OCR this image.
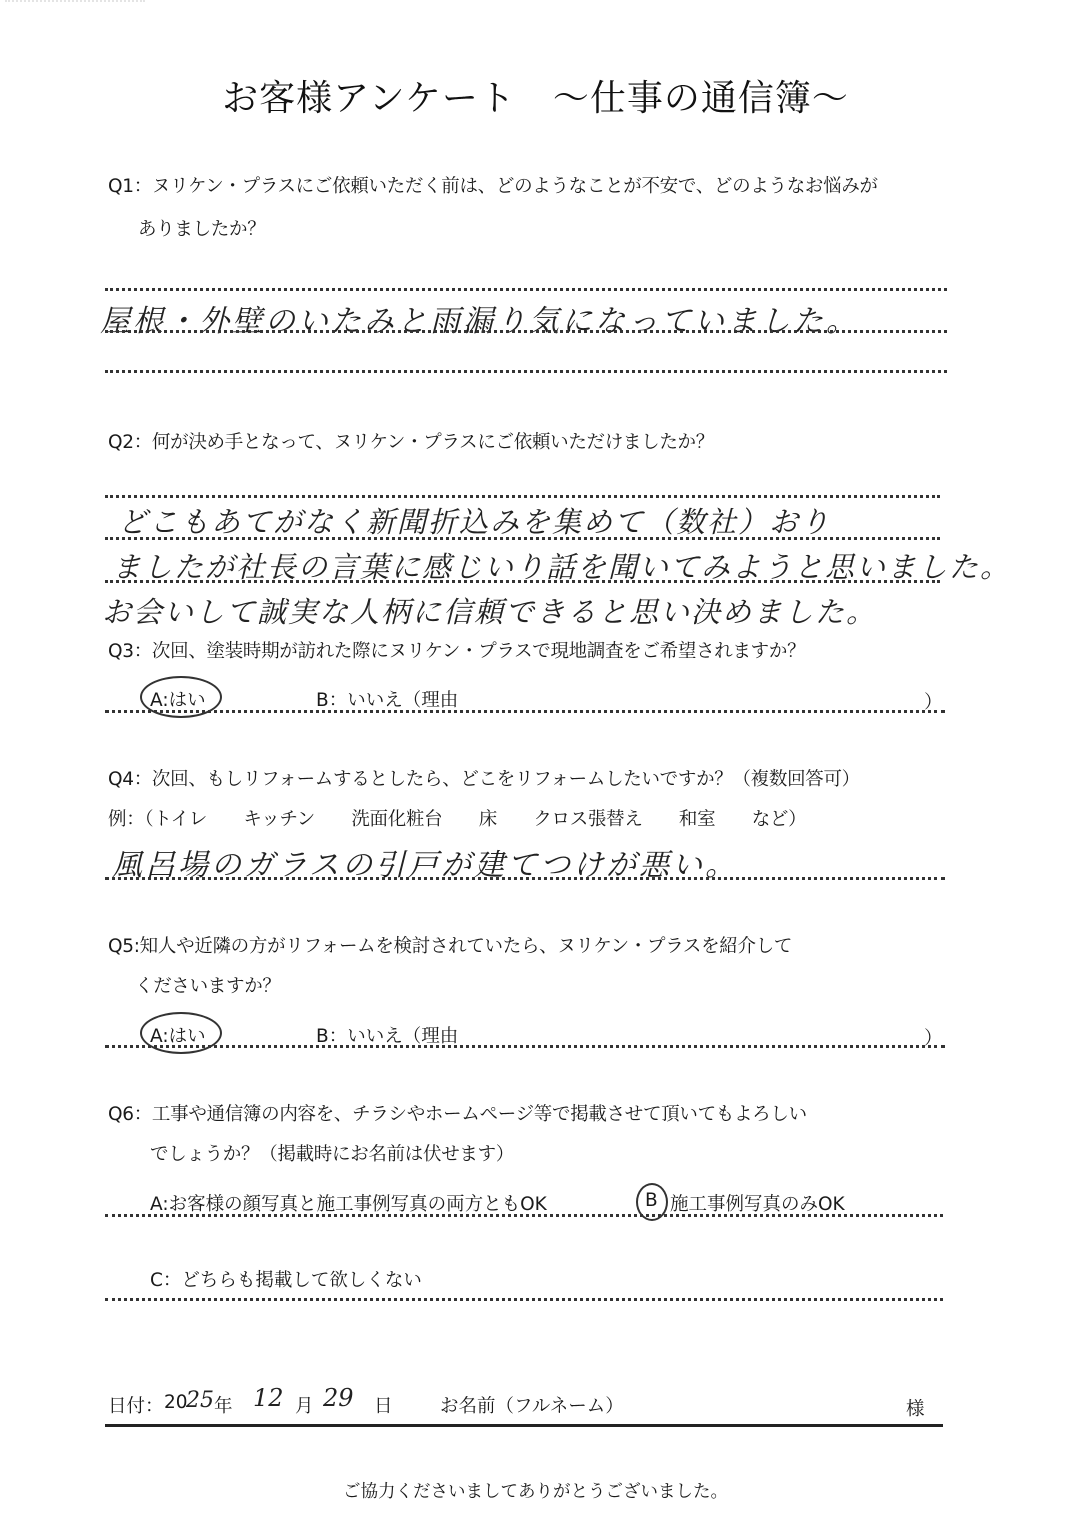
お客様アンケート　～仕事の通信簿～
Q1：ヌリケン・プラスにご依頼いただく前は、どのようなことが不安で、どのようなお悩みが
ありましたか？
屋根・外壁のいたみと雨漏り気になっていました。
Q2：何が決め手となって、ヌリケン・プラスにご依頼いただけましたか？
どこもあてがなく新聞折込みを集めて（数社）おり
ましたが社長の言葉に感じいり話を聞いてみようと思いました。
お会いして誠実な人柄に信頼できると思い決めました。
Q3：次回、塗装時期が訪れた際にヌリケン・プラスで現地調査をご希望されますか？
A:はい	B：いいえ（理由	）
Q4：次回、もしリフォームするとしたら、どこをリフォームしたいですか？（複数回答可）
例：（トイレ　　キッチン　　洗面化粧台　　床　　クロス張替え　　和室　　など）
風呂場のガラスの引戸が建てつけが悪い。
Q5:知人や近隣の方がリフォームを検討されていたら、ヌリケン・プラスを紹介して
くださいますか？
A:はい	B：いいえ（理由	）
Q6：工事や通信簿の内容を、チラシやホームページ等で掲載させて頂いてもよろしい
でしょうか？（掲載時にお名前は伏せます）
A:お客様の顔写真と施工事例写真の両方ともOK	B 施工事例写真のみOK
C：どちらも掲載して欲しくない
日付： 20
25 年 12 月 29 日	お名前（フルネーム）	様
ご協力くださいましてありがとうございました。
